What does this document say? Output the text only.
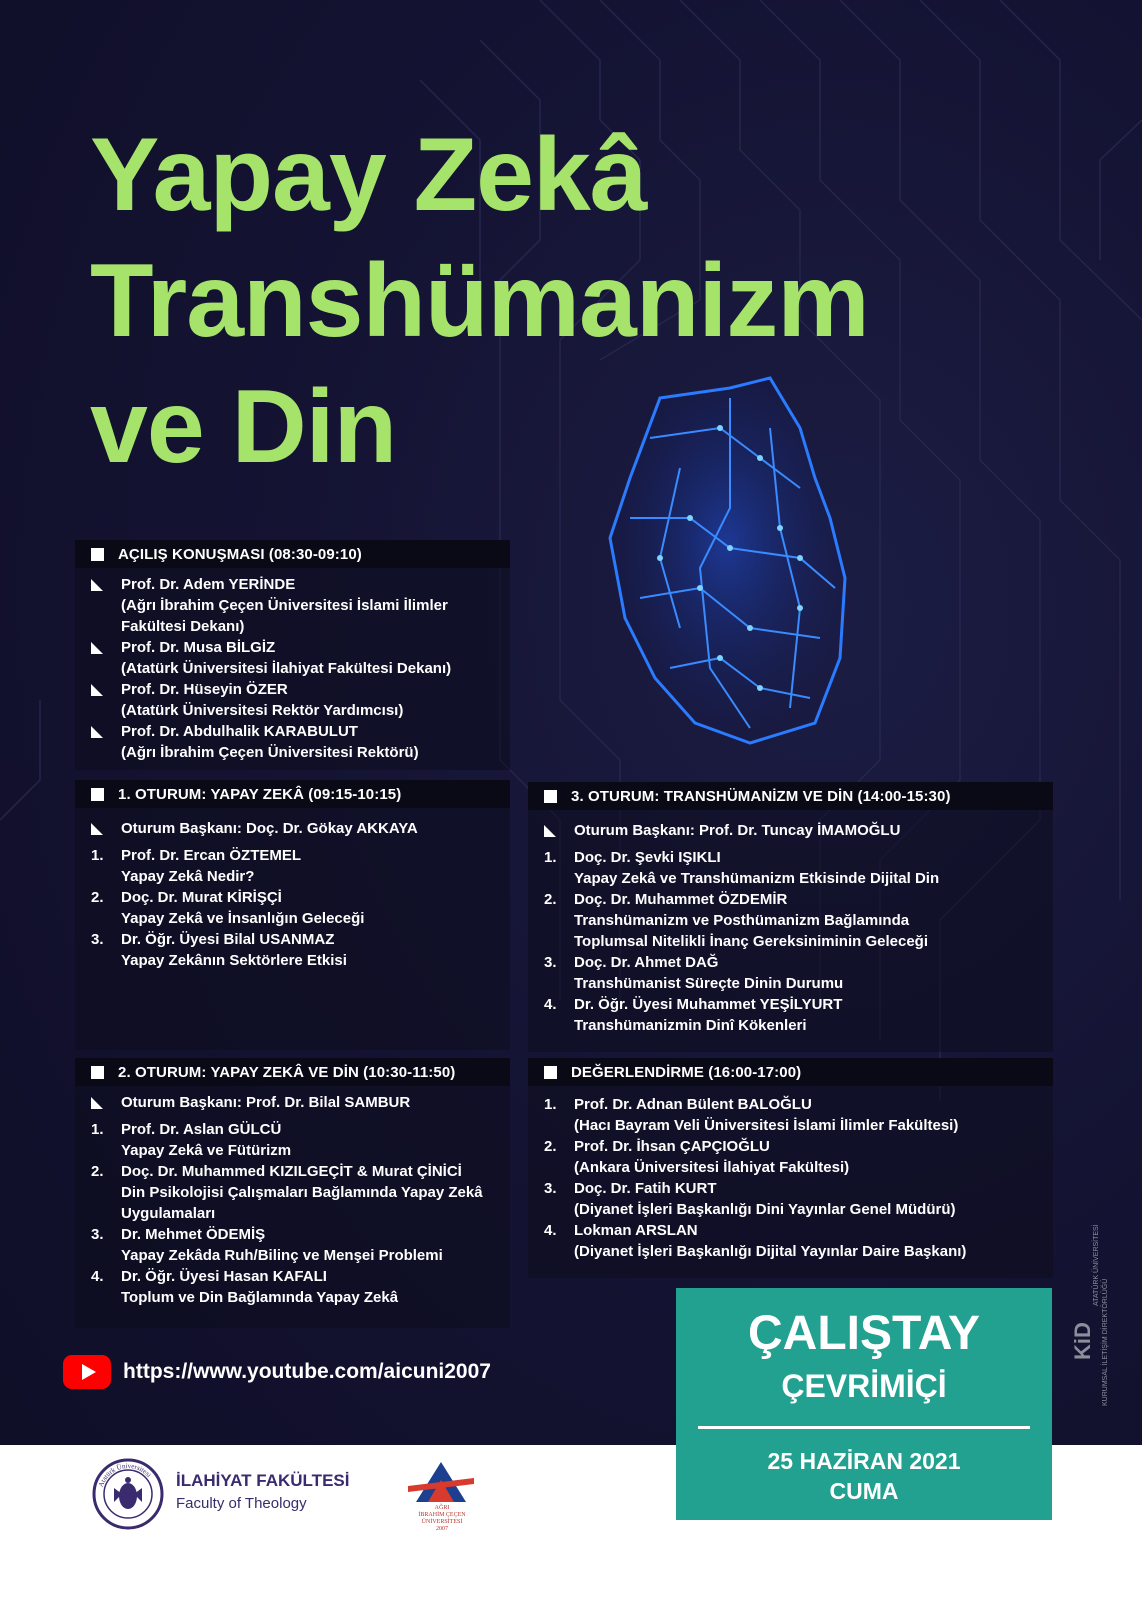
Yapay Zekâ
Transhümanizm
ve Din
AÇILIŞ KONUŞMASI (08:30-09:10)
Prof. Dr. Adem YERİNDE
(Ağrı İbrahim Çeçen Üniversitesi İslami İlimler
Fakültesi Dekanı)
Prof. Dr. Musa BİLGİZ
(Atatürk Üniversitesi İlahiyat Fakültesi Dekanı)
Prof. Dr. Hüseyin ÖZER
(Atatürk Üniversitesi Rektör Yardımcısı)
Prof. Dr. Abdulhalik KARABULUT
(Ağrı İbrahim Çeçen Üniversitesi Rektörü)
1. OTURUM: YAPAY ZEKÂ (09:15-10:15)
Oturum Başkanı: Doç. Dr. Gökay AKKAYA
1.	Prof. Dr. Ercan ÖZTEMEL
Yapay Zekâ Nedir?
2.	Doç. Dr. Murat KİRİŞÇİ
Yapay Zekâ ve İnsanlığın Geleceği
3.	Dr. Öğr. Üyesi Bilal USANMAZ
Yapay Zekânın Sektörlere Etkisi
2. OTURUM: YAPAY ZEKÂ VE DİN (10:30-11:50)
Oturum Başkanı: Prof. Dr. Bilal SAMBUR
1.	Prof. Dr. Aslan GÜLCÜ
Yapay Zekâ ve Fütürizm
2.	Doç. Dr. Muhammed KIZILGEÇİT & Murat ÇİNİCİ
Din Psikolojisi Çalışmaları Bağlamında Yapay Zekâ
Uygulamaları
3.	Dr. Mehmet ÖDEMİŞ
Yapay Zekâda Ruh/Bilinç ve Menşei Problemi
4.	Dr. Öğr. Üyesi Hasan KAFALI
Toplum ve Din Bağlamında Yapay Zekâ
3. OTURUM: TRANSHÜMANİZM VE DİN (14:00-15:30)
Oturum Başkanı: Prof. Dr. Tuncay İMAMOĞLU
1.	Doç. Dr. Şevki IŞIKLI
Yapay Zekâ ve Transhümanizm Etkisinde Dijital Din
2.	Doç. Dr. Muhammet ÖZDEMİR
Transhümanizm ve Posthümanizm Bağlamında
Toplumsal Nitelikli İnanç Gereksiniminin Geleceği
3.	Doç. Dr. Ahmet DAĞ
Transhümanist Süreçte Dinin Durumu
4.	Dr. Öğr. Üyesi Muhammet YEŞİLYURT
Transhümanizmin Dinî Kökenleri
DEĞERLENDİRME (16:00-17:00)
1.	Prof. Dr. Adnan Bülent BALOĞLU
(Hacı Bayram Veli Üniversitesi İslami İlimler Fakültesi)
2.	Prof. Dr. İhsan ÇAPÇIOĞLU
(Ankara Üniversitesi İlahiyat Fakültesi)
3.	Doç. Dr. Fatih KURT
(Diyanet İşleri Başkanlığı Dini Yayınlar Genel Müdürü)
4.	Lokman ARSLAN
(Diyanet İşleri Başkanlığı Dijital Yayınlar Daire Başkanı)
https://www.youtube.com/aicuni2007
KiD
ATATÜRK ÜNİVERSİTESİ
KURUMSAL İLETİŞİM DİREKTÖRLÜĞÜ
Atatürk Üniversitesi İLAHİYAT FAKÜLTESİ
Faculty of Theology	AĞRI
İBRAHİM ÇEÇEN
ÜNİVERSİTESİ
2007
ÇALIŞTAY
ÇEVRİMİÇİ
25 HAZİRAN 2021
CUMA
